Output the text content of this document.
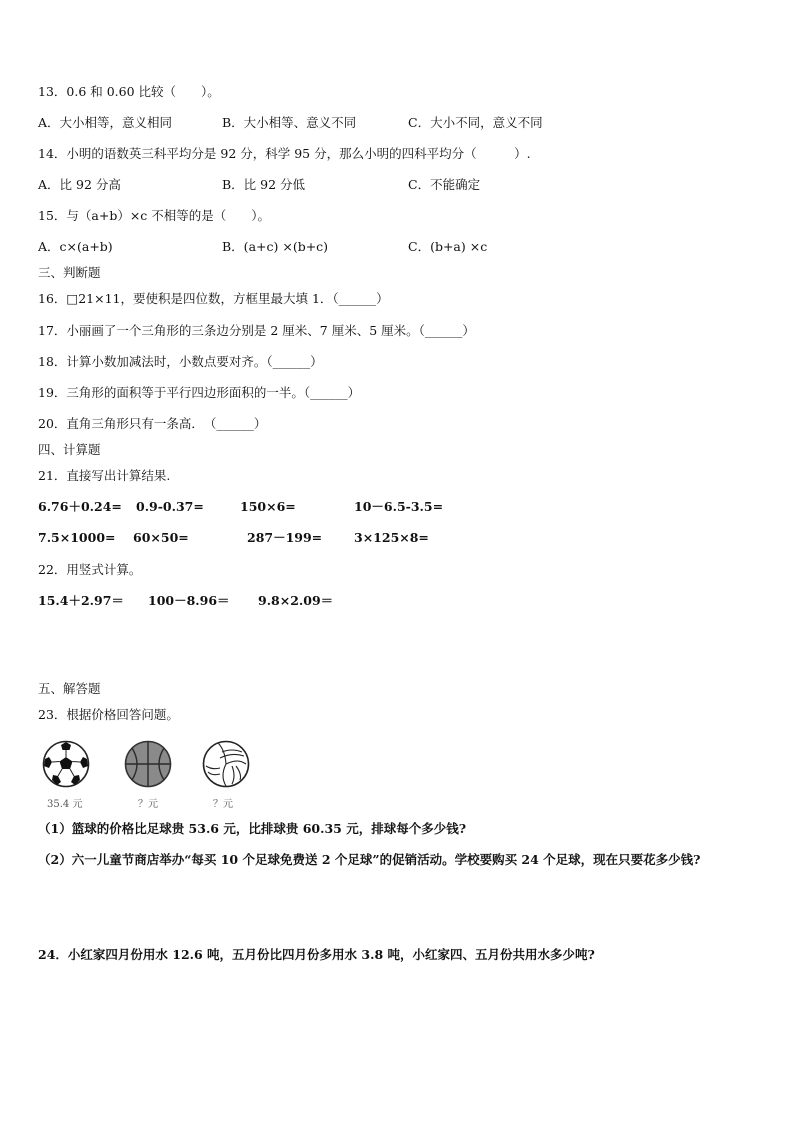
13．0.6 和 0.60 比较（　　）。
A．大小相等，意义相同	B．大小相等、意义不同	C．大小不同，意义不同
14．小明的语数英三科平均分是 92 分，科学 95 分，那么小明的四科平均分（　　　）.
A．比 92 分高	B．比 92 分低	C．不能确定
15．与（a+b）×c 不相等的是（　　）。
A．c×(a+b)	B．(a+c) ×(b+c)	C．(b+a) ×c
三、判断题
16．□21×11，要使积是四位数，方框里最大填 1．（______）
17．小丽画了一个三角形的三条边分别是 2 厘米、7 厘米、5 厘米。（______）
18．计算小数加减法时，小数点要对齐。（______）
19．三角形的面积等于平行四边形面积的一半。（______）
20．直角三角形只有一条高．　（______）
四、计算题
21．直接写出计算结果.
6.76＋0.24= 0.9-0.37=	150×6=	10－6.5-3.5=
7.5×1000= 60×50=	287－199=	3×125×8=
22．用竖式计算。
15.4＋2.97＝ 100－8.96＝ 9.8×2.09＝
五、解答题
23．根据价格回答问题。
35.4 元	？元	？元
（1）篮球的价格比足球贵 53.6 元，比排球贵 60.35 元，排球每个多少钱?
（2）六一儿童节商店举办“每买 10 个足球免费送 2 个足球”的促销活动。学校要购买 24 个足球，现在只要花多少钱?
24．小红家四月份用水 12.6 吨，五月份比四月份多用水 3.8 吨，小红家四、五月份共用水多少吨?
